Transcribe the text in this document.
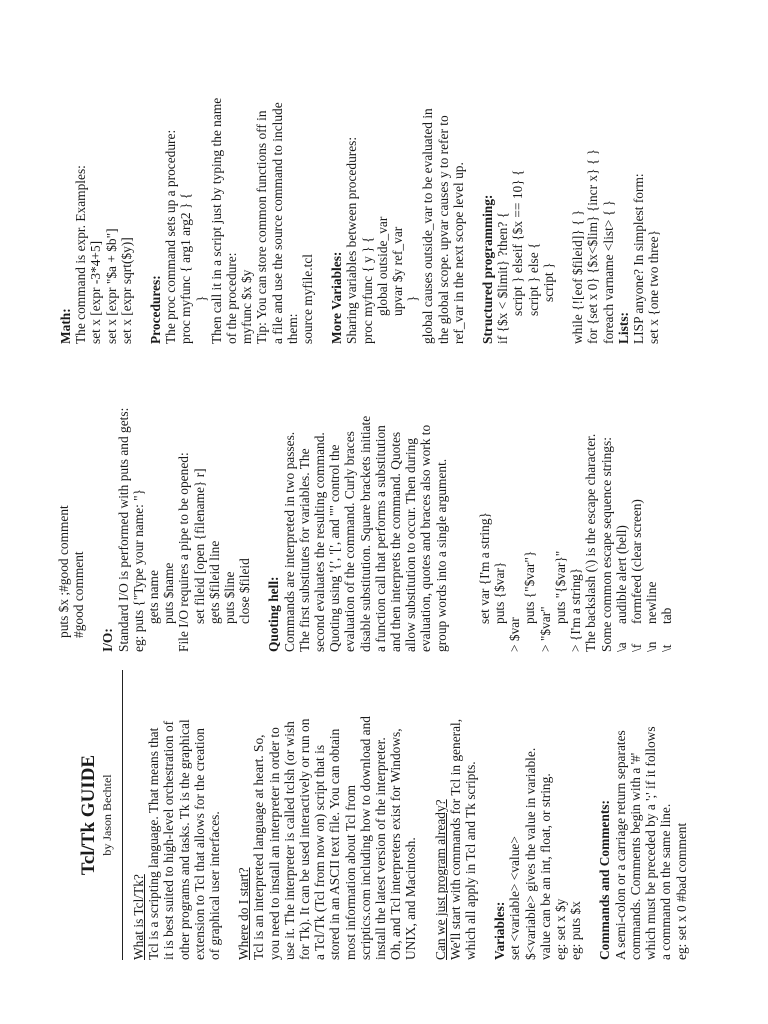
Tcl/Tk GUIDE by Jason Bechtel

What is Tcl/Tk? Tcl is a scripting language. That means that it is best suited to high-level orchestration of other programs and tasks. Tk is the graphical extension to Tcl that allows for the creation of graphical user interfaces. Where do I start? Tcl is an interpreted language at heart. So, you need to install an interpreter in order to use it. The interpreter is called tclsh (or wish for Tk). It can be used interactively or run on a Tcl/Tk (Tcl from now on) script that is stored in an ASCII text file. You can obtain most information about Tcl from scriptics.com including how to download and install the latest version of the interpreter. Oh, and Tcl interpreters exist for Windows, UNIX, and Macintosh. Can we just program already? We'll start with commands for Tcl in general, which all apply in Tcl and Tk scripts. Variables: set <variable> <value> $<variable> gives the value in variable. value can be an int, float, or string. eg: set x $y eg: puts $x Commands and Comments: A semi-colon or a carriage return separates commands. Comments begin with a '#' which must be preceded by a ';' if it follows a command on the same line. eg: set x 0 #bad comment

puts $x ;#good comment #good comment

I/O: Standard I/O is performed with puts and gets: eg: puts {"Type your name: "} gets name puts $name File I/O requires a pipe to be opened: set fileid [open {filename} r] gets $fileid line puts $line close $fileid Quoting hell: Commands are interpreted in two passes. The first substitutes for variables. The second evaluates the resulting command. Quoting using '{', '[', and '"' control the evaluation of the command. Curly braces disable substitution. Square brackets initiate a function call that performs a substitution and then interprets the command. Quotes allow substitution to occur. Then during evaluation, quotes and braces also work to group words into a single argument. set var {I'm a string} puts {$var}

> $var

puts {"$var"}

> "$var"

puts "{$var}" > {I'm a string} The backslash (\) is the escape character. Some common escape sequence strings: \a
audible alert (bell)
\f
formfeed (clear screen)
\n
newline
\t
tab

Math: The command is expr. Examples: set x [expr -3*4+5] set x [expr "$a + $b"] set x [expr sqrt($y)] Procedures: The proc command sets up a procedure: proc myfunc { arg1 arg2 } { } Then call it in a script just by typing the name of the procedure: myfunc $x $y Tip: You can store common functions off in a file and use the source command to include them: source myfile.tcl More Variables: Sharing variables between procedures: proc myfunc { y } { global outside_var upvar $y ref_var } global causes outside_var to be evaluated in the global scope. upvar causes y to refer to ref_var in the next scope level up. Structured programming: if {$x < $limit} ?then? { script } elseif {$x == 10} { script } else { script } while {![eof $fileid]} { } for {set x 0} {$x<$lim} {incr x} { } foreach varname <list> { } Lists: LISP anyone? In simplest form: set x {one two three}
